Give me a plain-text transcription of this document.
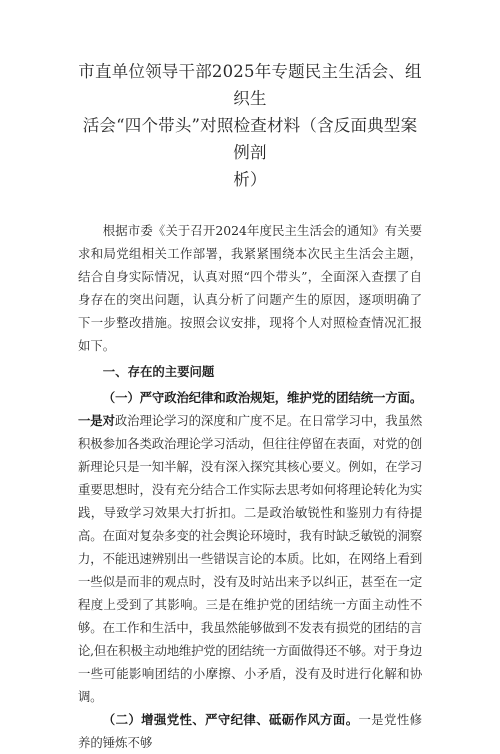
市直单位领导干部2025年专题民主生活会、组织生
活会“四个带头”对照检查材料（含反面典型案例剖
析）

根据市委《关于召开2024年度民主生活会的通知》有关要求和局党组相关工作部署，我紧紧围绕本次民主生活会主题，结合自身实际情况，认真对照“四个带头”，全面深入查摆了自身存在的突出问题，认真分析了问题产生的原因，逐项明确了下一步整改措施。按照会议安排，现将个人对照检查情况汇报如下。

一、存在的主要问题

（一）严守政治纪律和政治规矩，维护党的团结统一方面。一是对政治理论学习的深度和广度不足。在日常学习中，我虽然积极参加各类政治理论学习活动，但往往停留在表面，对党的创新理论只是一知半解，没有深入探究其核心要义。例如，在学习重要思想时，没有充分结合工作实际去思考如何将理论转化为实践，导致学习效果大打折扣。二是政治敏锐性和鉴别力有待提高。在面对复杂多变的社会舆论环境时，我有时缺乏敏锐的洞察力，不能迅速辨别出一些错误言论的本质。比如，在网络上看到一些似是而非的观点时，没有及时站出来予以纠正，甚至在一定程度上受到了其影响。三是在维护党的团结统一方面主动性不够。在工作和生活中，我虽然能够做到不发表有损党的团结的言论,但在积极主动地维护党的团结统一方面做得还不够。对于身边一些可能影响团结的小摩擦、小矛盾，没有及时进行化解和协调。

（二）增强党性、严守纪律、砥砺作风方面。一是党性修养的锤炼不够
